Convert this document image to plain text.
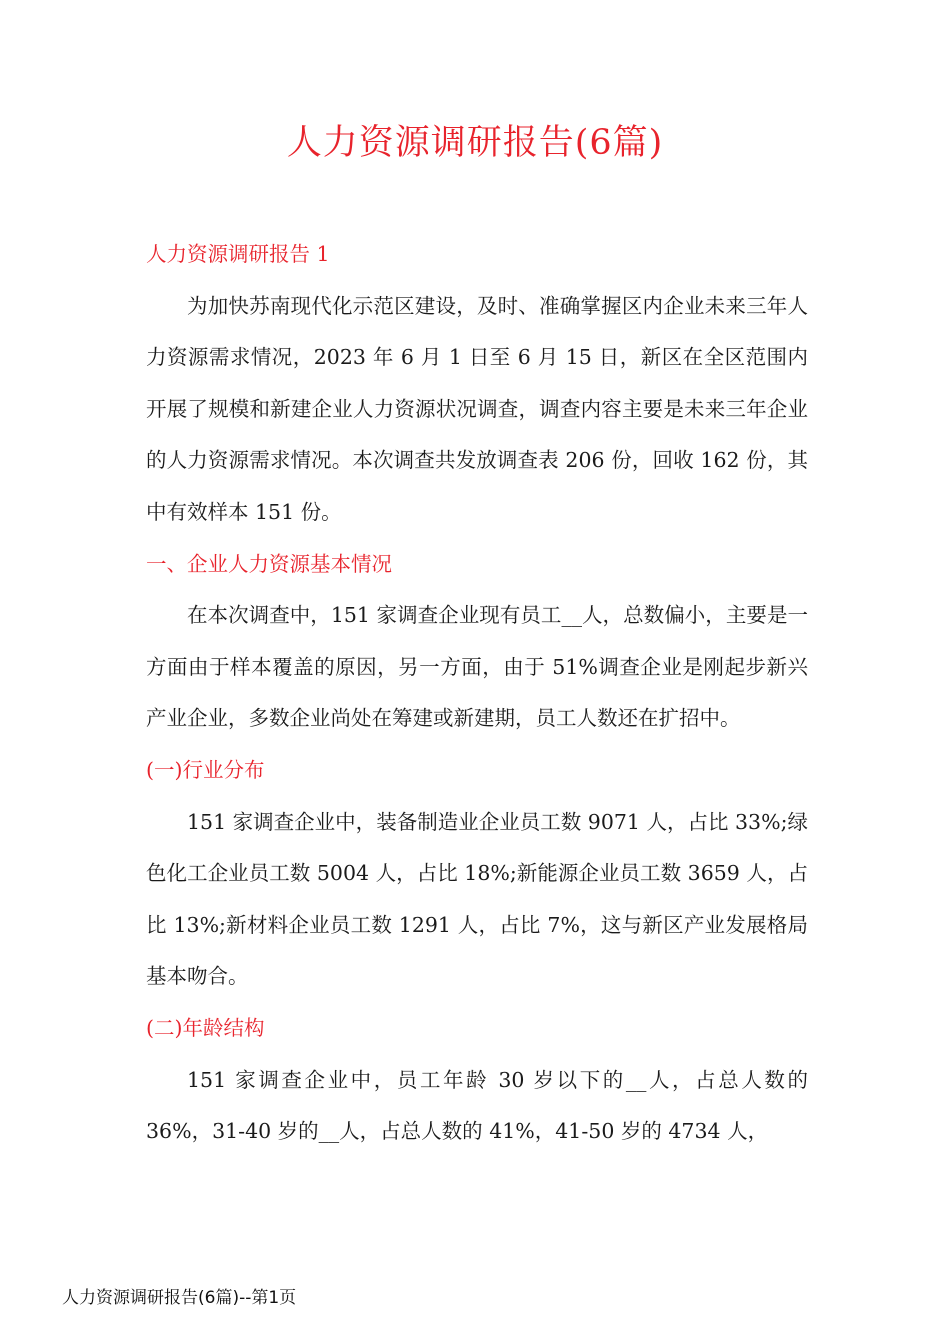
人力资源调研报告(6篇)

人力资源调研报告 1

为加快苏南现代化示范区建设，及时、准确掌握区内企业未来三年人力资源需求情况，2023 年 6 月 1 日至 6 月 15 日，新区在全区范围内开展了规模和新建企业人力资源状况调查，调查内容主要是未来三年企业的人力资源需求情况。本次调查共发放调查表 206 份，回收 162 份，其中有效样本 151 份。

一、企业人力资源基本情况

在本次调查中，151 家调查企业现有员工__人，总数偏小，主要是一方面由于样本覆盖的原因，另一方面，由于 51%调查企业是刚起步新兴产业企业，多数企业尚处在筹建或新建期，员工人数还在扩招中。

(一)行业分布

151 家调查企业中，装备制造业企业员工数 9071 人，占比 33%;绿色化工企业员工数 5004 人，占比 18%;新能源企业员工数 3659 人，占比 13%;新材料企业员工数 1291 人，占比 7%，这与新区产业发展格局基本吻合。

(二)年龄结构

151 家调查企业中，员工年龄 30 岁以下的__人，占总人数的 36%，31-40 岁的__人，占总人数的 41%，41-50 岁的 4734 人，

人力资源调研报告(6篇)--第1页
